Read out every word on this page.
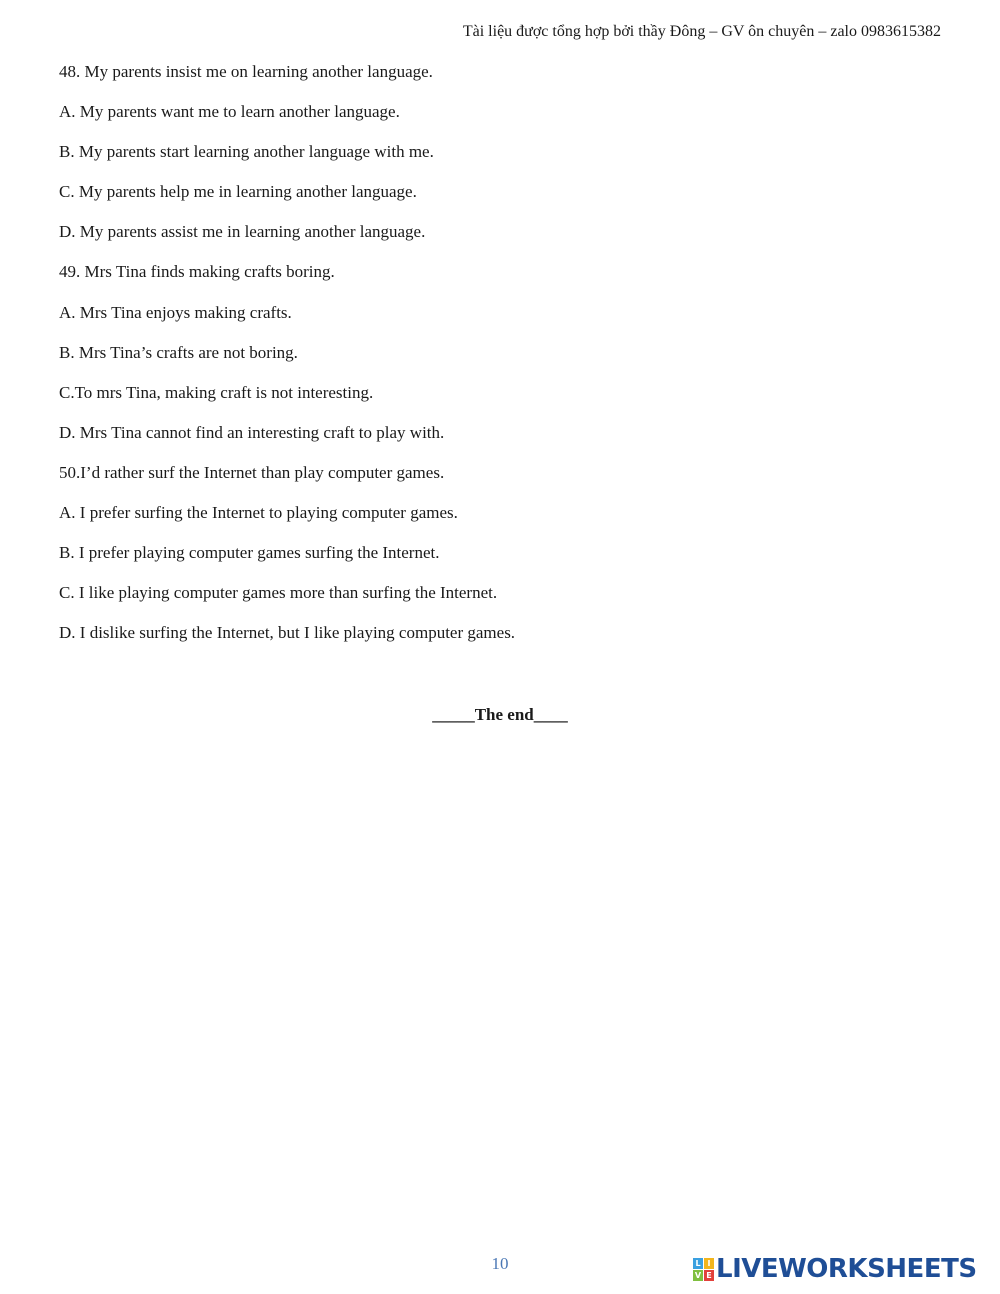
Tài liệu được tổng hợp bởi thầy Đông – GV ôn chuyên – zalo 0983615382

48. My parents insist me on learning another language.

A. My parents want me to learn another language.

B. My parents start learning another language with me.

C. My parents help me in learning another language.

D. My parents assist me in learning another language.

49. Mrs Tina finds making crafts boring.

A. Mrs Tina enjoys making crafts.

B. Mrs Tina’s crafts are not boring.

C.To mrs Tina, making craft is not interesting.

D. Mrs Tina cannot find an interesting craft to play with.

50.I’d rather surf the Internet than play computer games.

A. I prefer surfing the Internet to playing computer games.

B. I prefer playing computer games surfing the Internet.

C. I like playing computer games more than surfing the Internet.

D. I dislike surfing the Internet, but I like playing computer games.

_____The end____
10	L I
V E LIVEWORKSHEETS
